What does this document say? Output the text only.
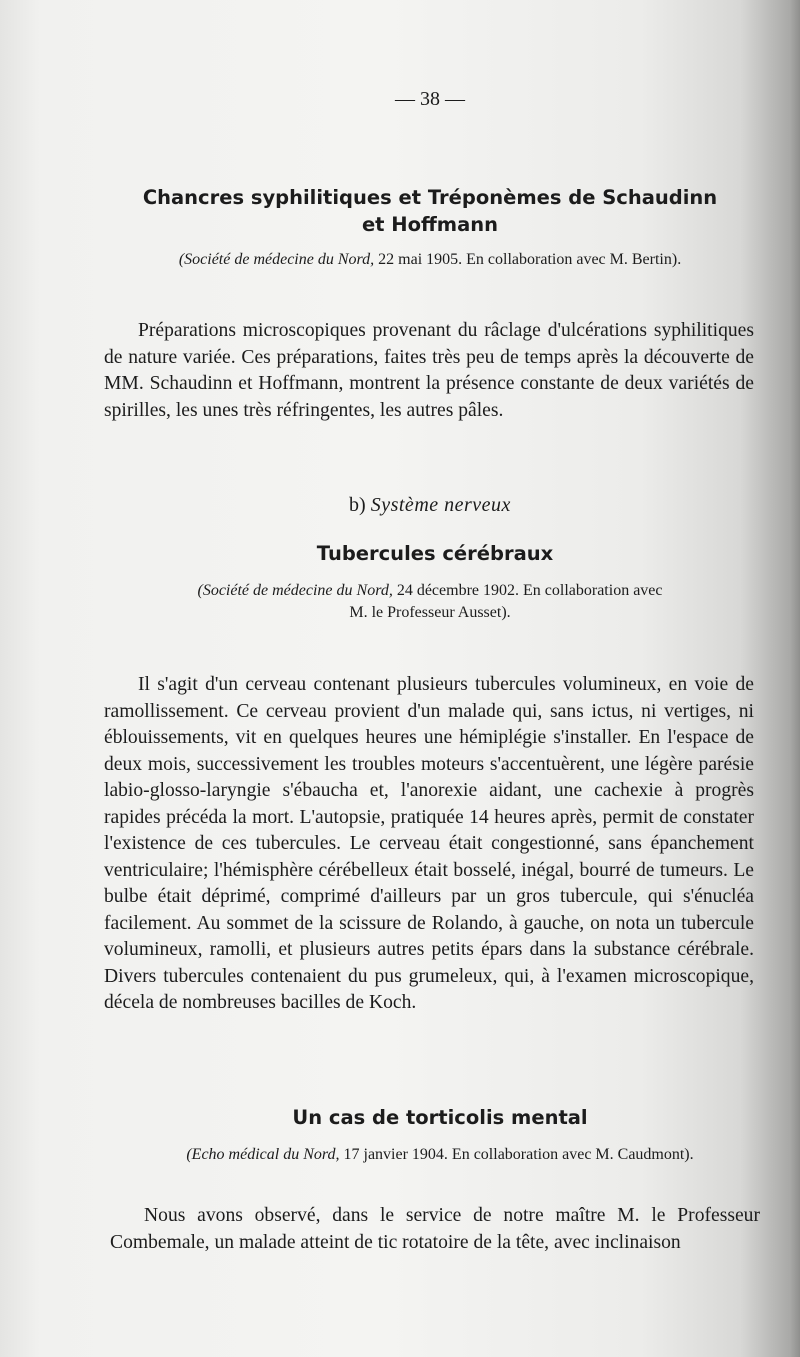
— 38 —
Chancres syphilitiques et Tréponèmes de Schaudinn
et Hoffmann
(Société de médecine du Nord, 22 mai 1905. En collaboration avec M. Bertin).

Préparations microscopiques provenant du râclage d'ulcérations syphilitiques de nature variée. Ces préparations, faites très peu de temps après la découverte de MM. Schaudinn et Hoffmann, montrent la présence constante de deux variétés de spirilles, les unes très réfringentes, les autres pâles.

b) Système nerveux
Tubercules cérébraux
(Société de médecine du Nord, 24 décembre 1902. En collaboration avec
M. le Professeur Ausset).

Il s'agit d'un cerveau contenant plusieurs tubercules volumineux, en voie de ramollissement. Ce cerveau provient d'un malade qui, sans ictus, ni vertiges, ni éblouissements, vit en quelques heures une hémiplégie s'installer. En l'espace de deux mois, successivement les troubles moteurs s'accentuèrent, une légère parésie labio-glosso-laryngie s'ébaucha et, l'anorexie aidant, une cachexie à progrès rapides précéda la mort. L'autopsie, pratiquée 14 heures après, permit de constater l'existence de ces tubercules. Le cerveau était congestionné, sans épanchement ventriculaire; l'hémisphère cérébelleux était bosselé, inégal, bourré de tumeurs. Le bulbe était déprimé, comprimé d'ailleurs par un gros tubercule, qui s'énucléa facilement. Au sommet de la scissure de Rolando, à gauche, on nota un tubercule volumineux, ramolli, et plusieurs autres petits épars dans la substance cérébrale. Divers tubercules contenaient du pus grumeleux, qui, à l'examen microscopique, décela de nombreuses bacilles de Koch.

Un cas de torticolis mental
(Echo médical du Nord, 17 janvier 1904. En collaboration avec M. Caudmont).

Nous avons observé, dans le service de notre maître M. le Professeur Combemale, un malade atteint de tic rotatoire de la tête, avec inclinaison
